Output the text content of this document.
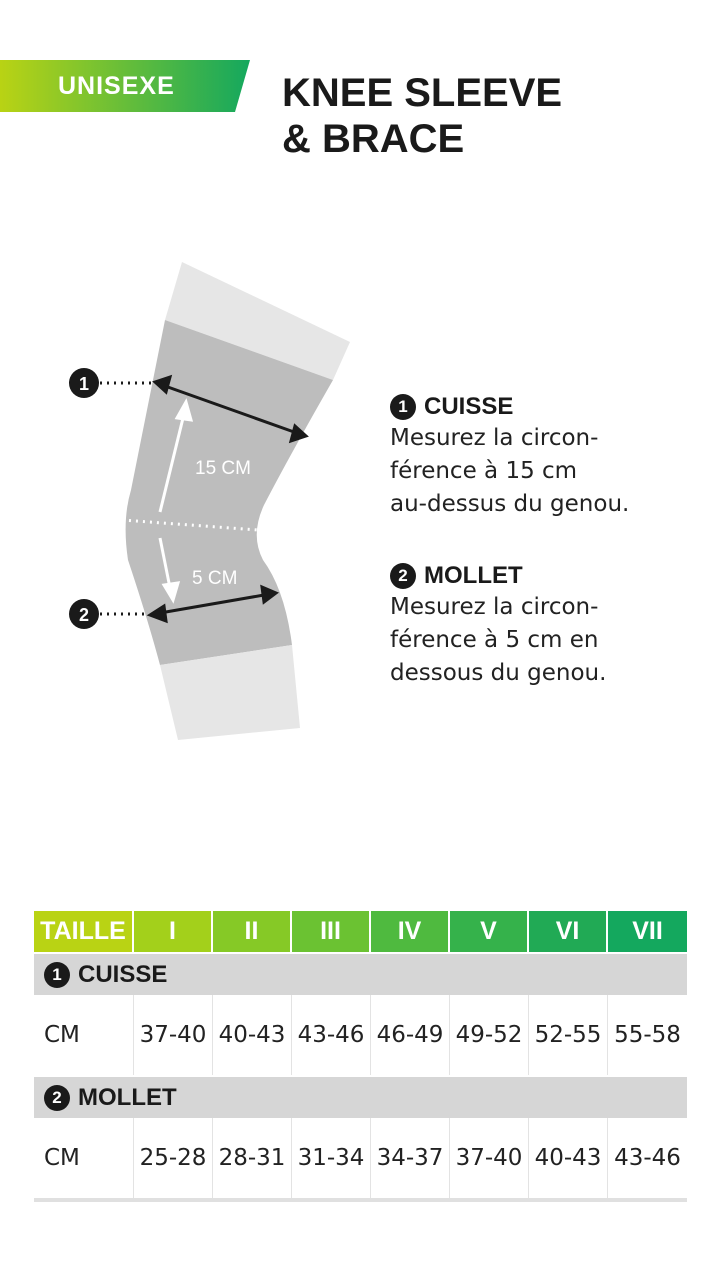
UNISEXE	KNEE SLEEVE
& BRACE
1
2
15 CM
5 CM
1 CUISSE
Mesurez la circon-
férence à 15 cm
au-dessus du genou.
2 MOLLET
Mesurez la circon-
férence à 5 cm en
dessous du genou.
TAILLE	I	II	III	IV	V	VI	VII
1 CUISSE
CM	37-40 40-43 43-46 46-49 49-52 52-55 55-58
2 MOLLET
CM	25-28 28-31 31-34 34-37 37-40 40-43 43-46
